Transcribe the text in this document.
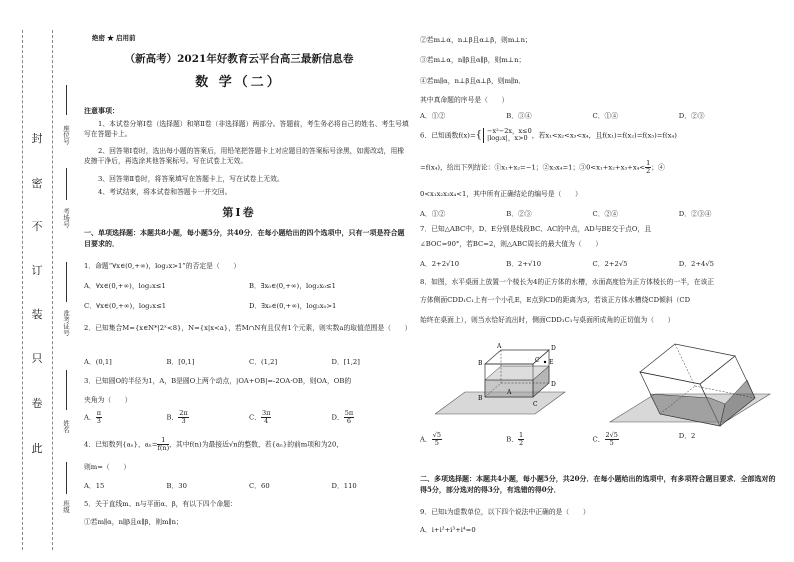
封
密
不
订
装
只
卷
此
座位号
考场号
准考证号
姓名
班级
绝密 ★ 启用前
（新高考）2021年好教育云平台高三最新信息卷
数 学（二）
注意事项：
1、本试卷分第Ⅰ卷（选择题）和第Ⅱ卷（非选择题）两部分。答题前，考生务必将自己的姓名、考生号填写在答题卡上。
2、回答第Ⅰ卷时，选出每小题的答案后，用铅笔把答题卡上对应题目的答案标号涂黑，如需改动，用橡皮擦干净后，再选涂其他答案标号。写在试卷上无效。
3、回答第Ⅱ卷时，将答案填写在答题卡上，写在试卷上无效。
4、考试结束，将本试卷和答题卡一并交回。
第Ⅰ卷
一、单项选择题：本题共8小题，每小题5分，共40分．在每小题给出的四个选项中，只有一项是符合题目要求的．
1．命题“∀x∈(0,+∞)，log₂x>1”的否定是（　　）
A．∀x∈(0,+∞)，log₂x≤1	B．∃x₀∈(0,+∞)，log₂x₀≤1
C．∀x∈(0,+∞)，log₂x≤1	D．∃x₀∈(0,+∞)，log₂x₀>1
2．已知集合M={x∈N*|2ˣ<8}，N={x|x<a}，若M∩N有且仅有1个元素，则实数a的取值范围是（　　）
A．(0,1]	B．[0,1]	C．(1,2]	D．[1,2]
3．已知圆O的半径为1，A，B是圆O上两个动点，|OA+OB|=-2OA·OB，则OA，OB的
夹角为（　　）
A． $\frac{\pi}{3}$	B． $\frac{2\pi}{3}$	C． $\frac{3\pi}{4}$	D． $\frac{5\pi}{6}$
4．已知数列{aₙ}，$a_n= \frac{1}{f(n)}$ ，其中f(n)为最接近√n的整数，若{aₙ}的前m项和为20，
则m=（　　）
A．15	B．30	C．60	D．110
5．关于直线m、n与平面α、β，有以下四个命题：
①若m∥α，n∥β且α∥β，则m∥n；
②若m⊥α，n⊥β且α⊥β，则m⊥n；
③若m⊥α，n∥β且α∥β，则m⊥n；
④若m∥α，n⊥β且α⊥β，则m∥n．
其中真命题的序号是（　　）
A．①②	B．③④	C．①④	D．②③
6．已知函数f(x)={ −x²−2x，x≤0
|log₂x|，x>0 ，若x₁<x₂<x₃<x₄，且f(x₁)=f(x₂)=f(x₃)=f(x₄)
=f(x₄)，给出下列结论：①x₁+x₂=−1；②x₃x₄=1；③0<x₁+x₂+x₃+x₄< $\frac{1}{2}$ ；④
0<x₁x₂x₃x₄<1，其中所有正确结论的编号是（　　）
A．①②	B．②③	C．②④	D．②③④
7．已知△ABC中，D、E分别是线段BC、AC的中点，AD与BE交于点O，且
∠BOC=90°，若BC=2，则△ABC周长的最大值为（　　）
A．2+2√10	B．2+√10	C．2+2√5	D．2+4√5
8．如图，水平桌面上放置一个棱长为4的正方体的水槽，水面高度恰为正方体棱长的一半，在该正
方体侧面CDD₁C₁上有一个小孔E，E点到CD的距离为3，若该正方体水槽绕CD倾斜（CD
始终在桌面上），则当水恰好流出时，侧面CDD₁C₁与桌面所成角的正切值为（　　）
B
A	D
C
B
D
C
A
E
A． $\frac{√5}{5}$	B． $\frac{1}{2}$	C． $\frac{2√5}{5}$	D．2
二、多项选择题：本题共4小题，每小题5分，共20分．在每小题给出的选项中，有多项符合题目要求．全部选对的得5分，部分选对的得3分，有选错的得0分．
9．已知i为虚数单位，以下四个说法中正确的是（　　）
A．i+i²+i³+i⁴=0
